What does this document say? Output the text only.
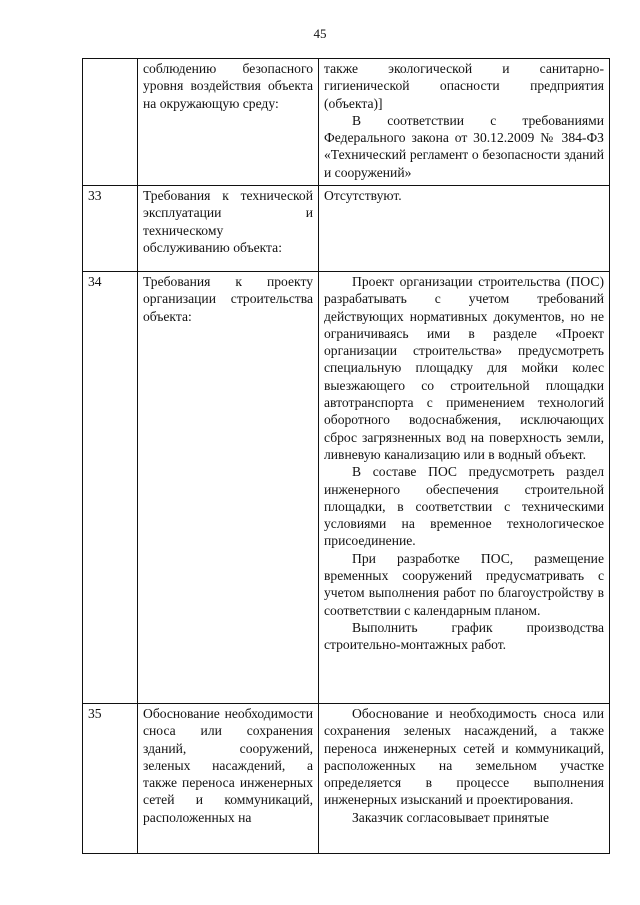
45

	соблюдению безопасного уровня воздействия объекта на окружающую среду:	также экологической и санитарно-гигиенической опасности предприятия (объекта)]

В соответствии с требованиями Федерального закона от 30.12.2009 № 384-ФЗ «Технический регламент о безопасности зданий и сооружений»

33	Требования к технической эксплуатации и техническому обслуживанию объекта:	Отсутствуют.

34	Требования к проекту организации строительства объекта:	Проект организации строительства (ПОС) разрабатывать с учетом требований действующих нормативных документов, но не ограничиваясь ими в разделе «Проект организации строительства» предусмотреть специальную площадку для мойки колес выезжающего со строительной площадки автотранспорта с применением технологий оборотного водоснабжения, исключающих сброс загрязненных вод на поверхность земли, ливневую канализацию или в водный объект.

В составе ПОС предусмотреть раздел инженерного обеспечения строительной площадки, в соответствии с техническими условиями на временное технологическое присоединение.

При разработке ПОС, размещение временных сооружений предусматривать с учетом выполнения работ по благоустройству в соответствии с календарным планом.

Выполнить график производства строительно-монтажных работ.

35	Обоснование необходимости сноса или сохранения зданий, сооружений, зеленых насаждений, а также переноса инженерных сетей и коммуникаций, расположенных на	Обоснование и необходимость сноса или сохранения зеленых насаждений, а также переноса инженерных сетей и коммуникаций, расположенных на земельном участке определяется в процессе выполнения инженерных изысканий и проектирования.

Заказчик согласовывает принятые
